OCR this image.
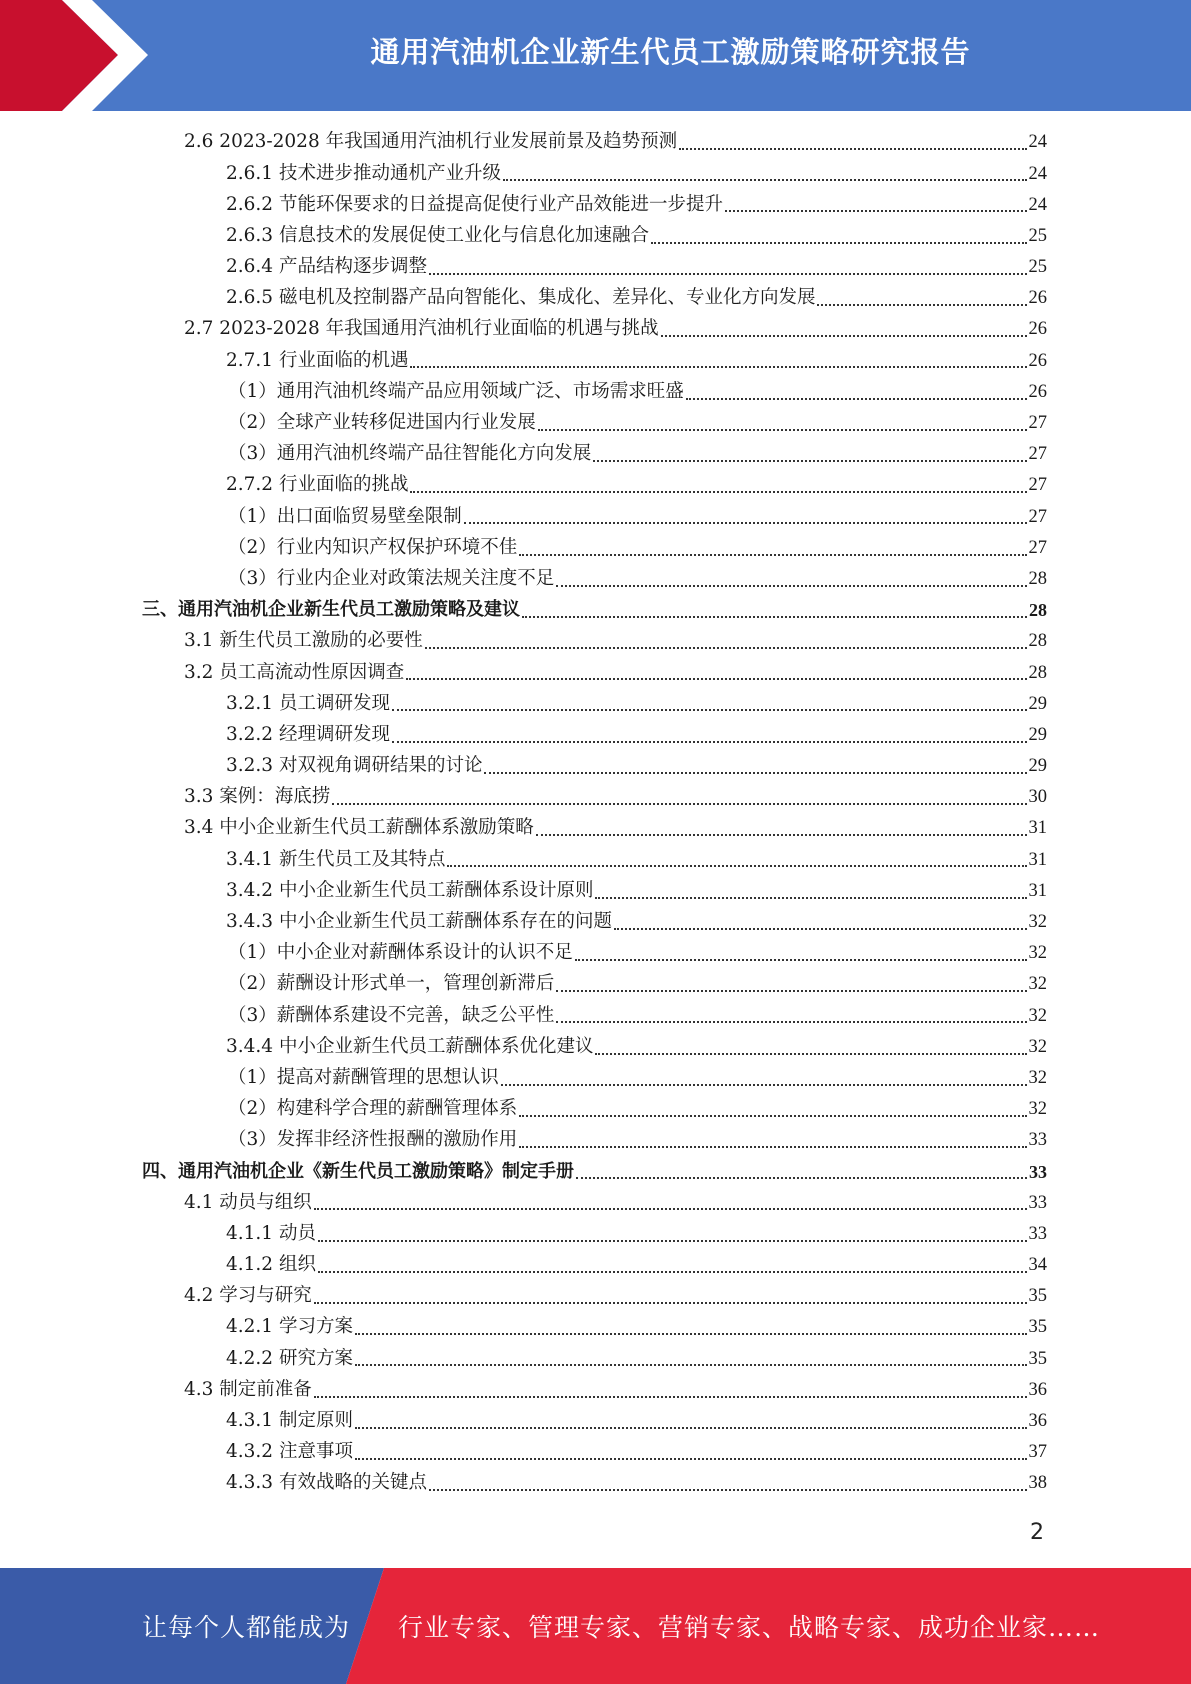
通用汽油机企业新生代员工激励策略研究报告
2.6 2023-2028 年我国通用汽油机行业发展前景及趋势预测	24
2.6.1 技术进步推动通机产业升级	24
2.6.2 节能环保要求的日益提高促使行业产品效能进一步提升	24
2.6.3 信息技术的发展促使工业化与信息化加速融合	25
2.6.4 产品结构逐步调整	25
2.6.5 磁电机及控制器产品向智能化、集成化、差异化、专业化方向发展	26
2.7 2023-2028 年我国通用汽油机行业面临的机遇与挑战	26
2.7.1 行业面临的机遇	26
（1）通用汽油机终端产品应用领域广泛、市场需求旺盛	26
（2）全球产业转移促进国内行业发展	27
（3）通用汽油机终端产品往智能化方向发展	27
2.7.2 行业面临的挑战	27
（1）出口面临贸易壁垒限制	27
（2）行业内知识产权保护环境不佳	27
（3）行业内企业对政策法规关注度不足	28
三、通用汽油机企业新生代员工激励策略及建议	28
3.1 新生代员工激励的必要性	28
3.2 员工高流动性原因调查	28
3.2.1 员工调研发现	29
3.2.2 经理调研发现	29
3.2.3 对双视角调研结果的讨论	29
3.3 案例：海底捞	30
3.4 中小企业新生代员工薪酬体系激励策略	31
3.4.1 新生代员工及其特点	31
3.4.2 中小企业新生代员工薪酬体系设计原则	31
3.4.3 中小企业新生代员工薪酬体系存在的问题	32
（1）中小企业对薪酬体系设计的认识不足	32
（2）薪酬设计形式单一，管理创新滞后	32
（3）薪酬体系建设不完善，缺乏公平性	32
3.4.4 中小企业新生代员工薪酬体系优化建议	32
（1）提高对薪酬管理的思想认识	32
（2）构建科学合理的薪酬管理体系	32
（3）发挥非经济性报酬的激励作用	33
四、通用汽油机企业《新生代员工激励策略》制定手册	33
4.1 动员与组织	33
4.1.1 动员	33
4.1.2 组织	34
4.2 学习与研究	35
4.2.1 学习方案	35
4.2.2 研究方案	35
4.3 制定前准备	36
4.3.1 制定原则	36
4.3.2 注意事项	37
4.3.3 有效战略的关键点	38
2
让每个人都能成为 行业专家、管理专家、营销专家、战略专家、成功企业家……
